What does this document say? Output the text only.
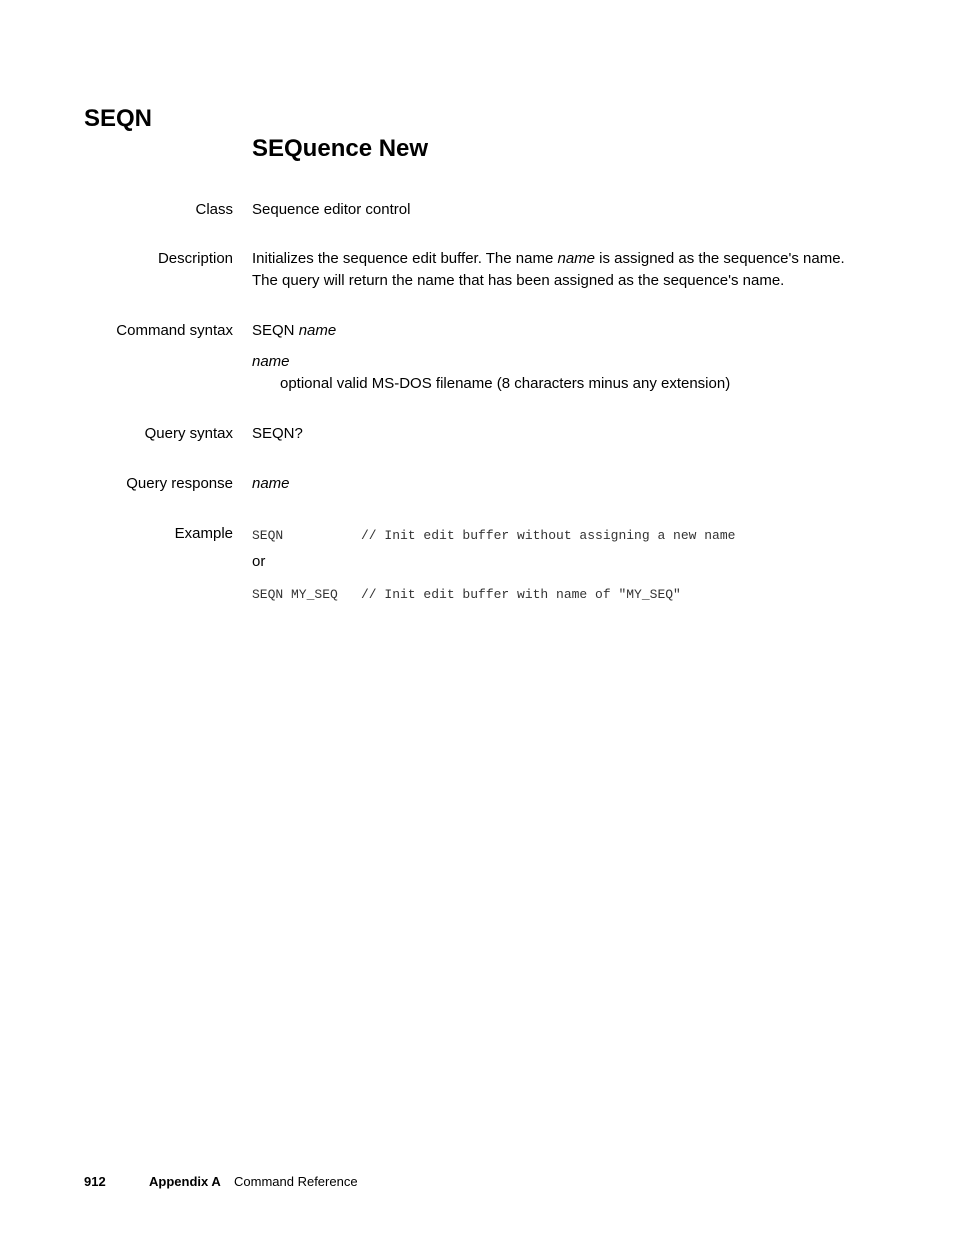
SEQN
SEQuence New
Class Sequence editor control
Description Initializes the sequence edit buffer. The name name is assigned as the sequence's name.
The query will return the name that has been assigned as the sequence's name.
Command syntax SEQN name
name
optional valid MS-DOS filename (8 characters minus any extension)
Query syntax SEQN?
Query response name
Example SEQN	// Init edit buffer without assigning a new name
or
SEQN MY_SEQ // Init edit buffer with name of "MY_SEQ"
912	Appendix A Command Reference
